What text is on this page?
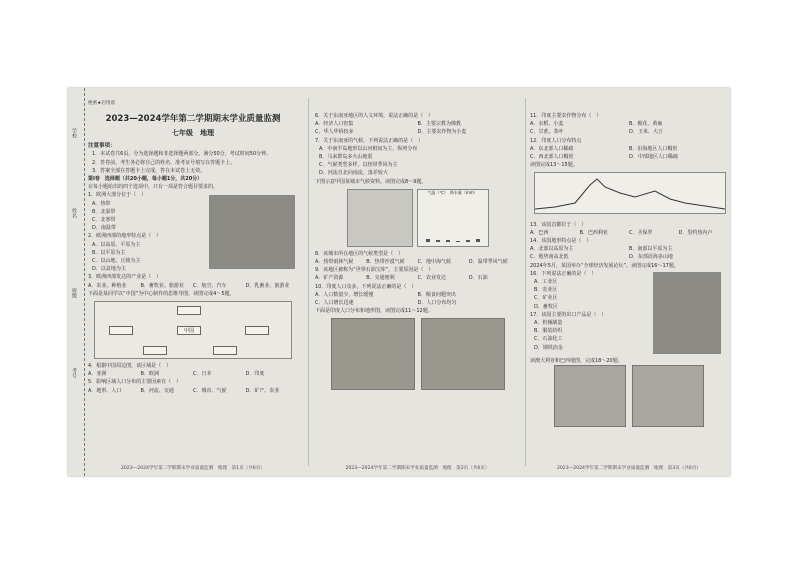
学校
姓名
班级
考号
绝密★启用前
2023—2024学年第二学期期末学业质量监测
七年级　地理
注意事项：
1．本试卷共6页，分为选择题和非选择题两部分。满分50分，考试时间50分钟。
2．答卷前，考生务必将自己的姓名、准考证号填写在答题卡上。
3．答案全部在答题卡上完成，答在本试卷上无效。
第Ⅰ卷　选择题（共20小题，每小题1分，共20分）
在每小题给出的四个选项中，只有一项是符合题目要求的。
1．欧洲大部分位于（　）
A．热带
B．北温带
C．北寒带
D．南温带
2．欧洲西部的地形特点是（　）
A．以高原、平原为主
B．以平原为主
C．以山地、丘陵为主
D．以盆地为主
3．欧洲西部发达的产业是（　）
A．农业、种植业	B．畜牧业、旅游业	C．航空、汽车	D．乳畜业、旅游业
下面是某同学以“中国”为中心制作的思维导图，读图完成4～5题。
中国
4．根据中国周边图，该区域是（　）
A．亚洲	B．欧洲	C．日本	D．印度
5．影响区域人口分布的主要因素有（　）
A．地形、人口	B．河流、交通	C．城市、气候	D．矿产、农业
2023—2024学年第二学期期末学业质量监测　地理　第1页（共6页）
6．关于东南亚地区的人文环境，说法正确的是（　）
A．经济人口密集	B．主要宗教为佛教
C．华人华侨较多	D．主要农作物为小麦
7．关于东南亚的气候，下列说法正确的是（　）
A．中南半岛地形以山河相间为主，纵列分布
B．马来群岛多火山地震
C．气候类型多样，以热带季风为主
D．河流自北向南流，落差较大
下图示意甲国某城市气候资料。读图完成8～9题。
气温（℃）　降水量（mm）
8．该城市所在地区的气候类型是（　）
A．热带雨林气候	B．热带沙漠气候	C．地中海气候	D．温带季风气候
9．该地区被称为“世界石油宝库”，主要原因是（　）
A．矿产资源	B．交通便利	C．农业发达	D．石油
10．印度人口众多，下列说法正确的是（　）
A．人口数量少，增长缓慢	B．粮食问题突出
C．人口增长迅速	D．人口分布均匀
下面是印度人口分布和地形图，读图完成11～12题。
2023—2024学年第二学期期末学业质量监测　地理　第2页（共6页）
11．印度主要农作物分布（　）
A．水稻、小麦	B．棉花、黄麻
C．甘蔗、茶叶	D．玉米、大豆
12．印度人口分布特点
A．东北部人口稀疏	B．沿海地区人口稠密
C．西北部人口稠密	D．中部地区人口稀疏
读图完成13～15题。
13．该国首都位于（　）
A．巴西	B．巴西利亚	C．圣保罗	D．里约热内卢
14．该国地形特点是（　）
A．北部以高原为主	B．南部以平原为主
C．地势南高北低	D．东部沿海多山地
2024年5月，某国举办“全球经济发展论坛”，读图完成16～17题。
16．下列说法正确的是（　）
A．工业区
B．农业区
C．矿业区
D．畜牧区
17．该国主要的出口产品是（　）
A．机械制造
B．服装纺织
C．石油化工
D．钢铁冶金
读澳大利亚和巴西地图，完成18～20题。
2023—2024学年第二学期期末学业质量监测　地理　第3页（共6页）
